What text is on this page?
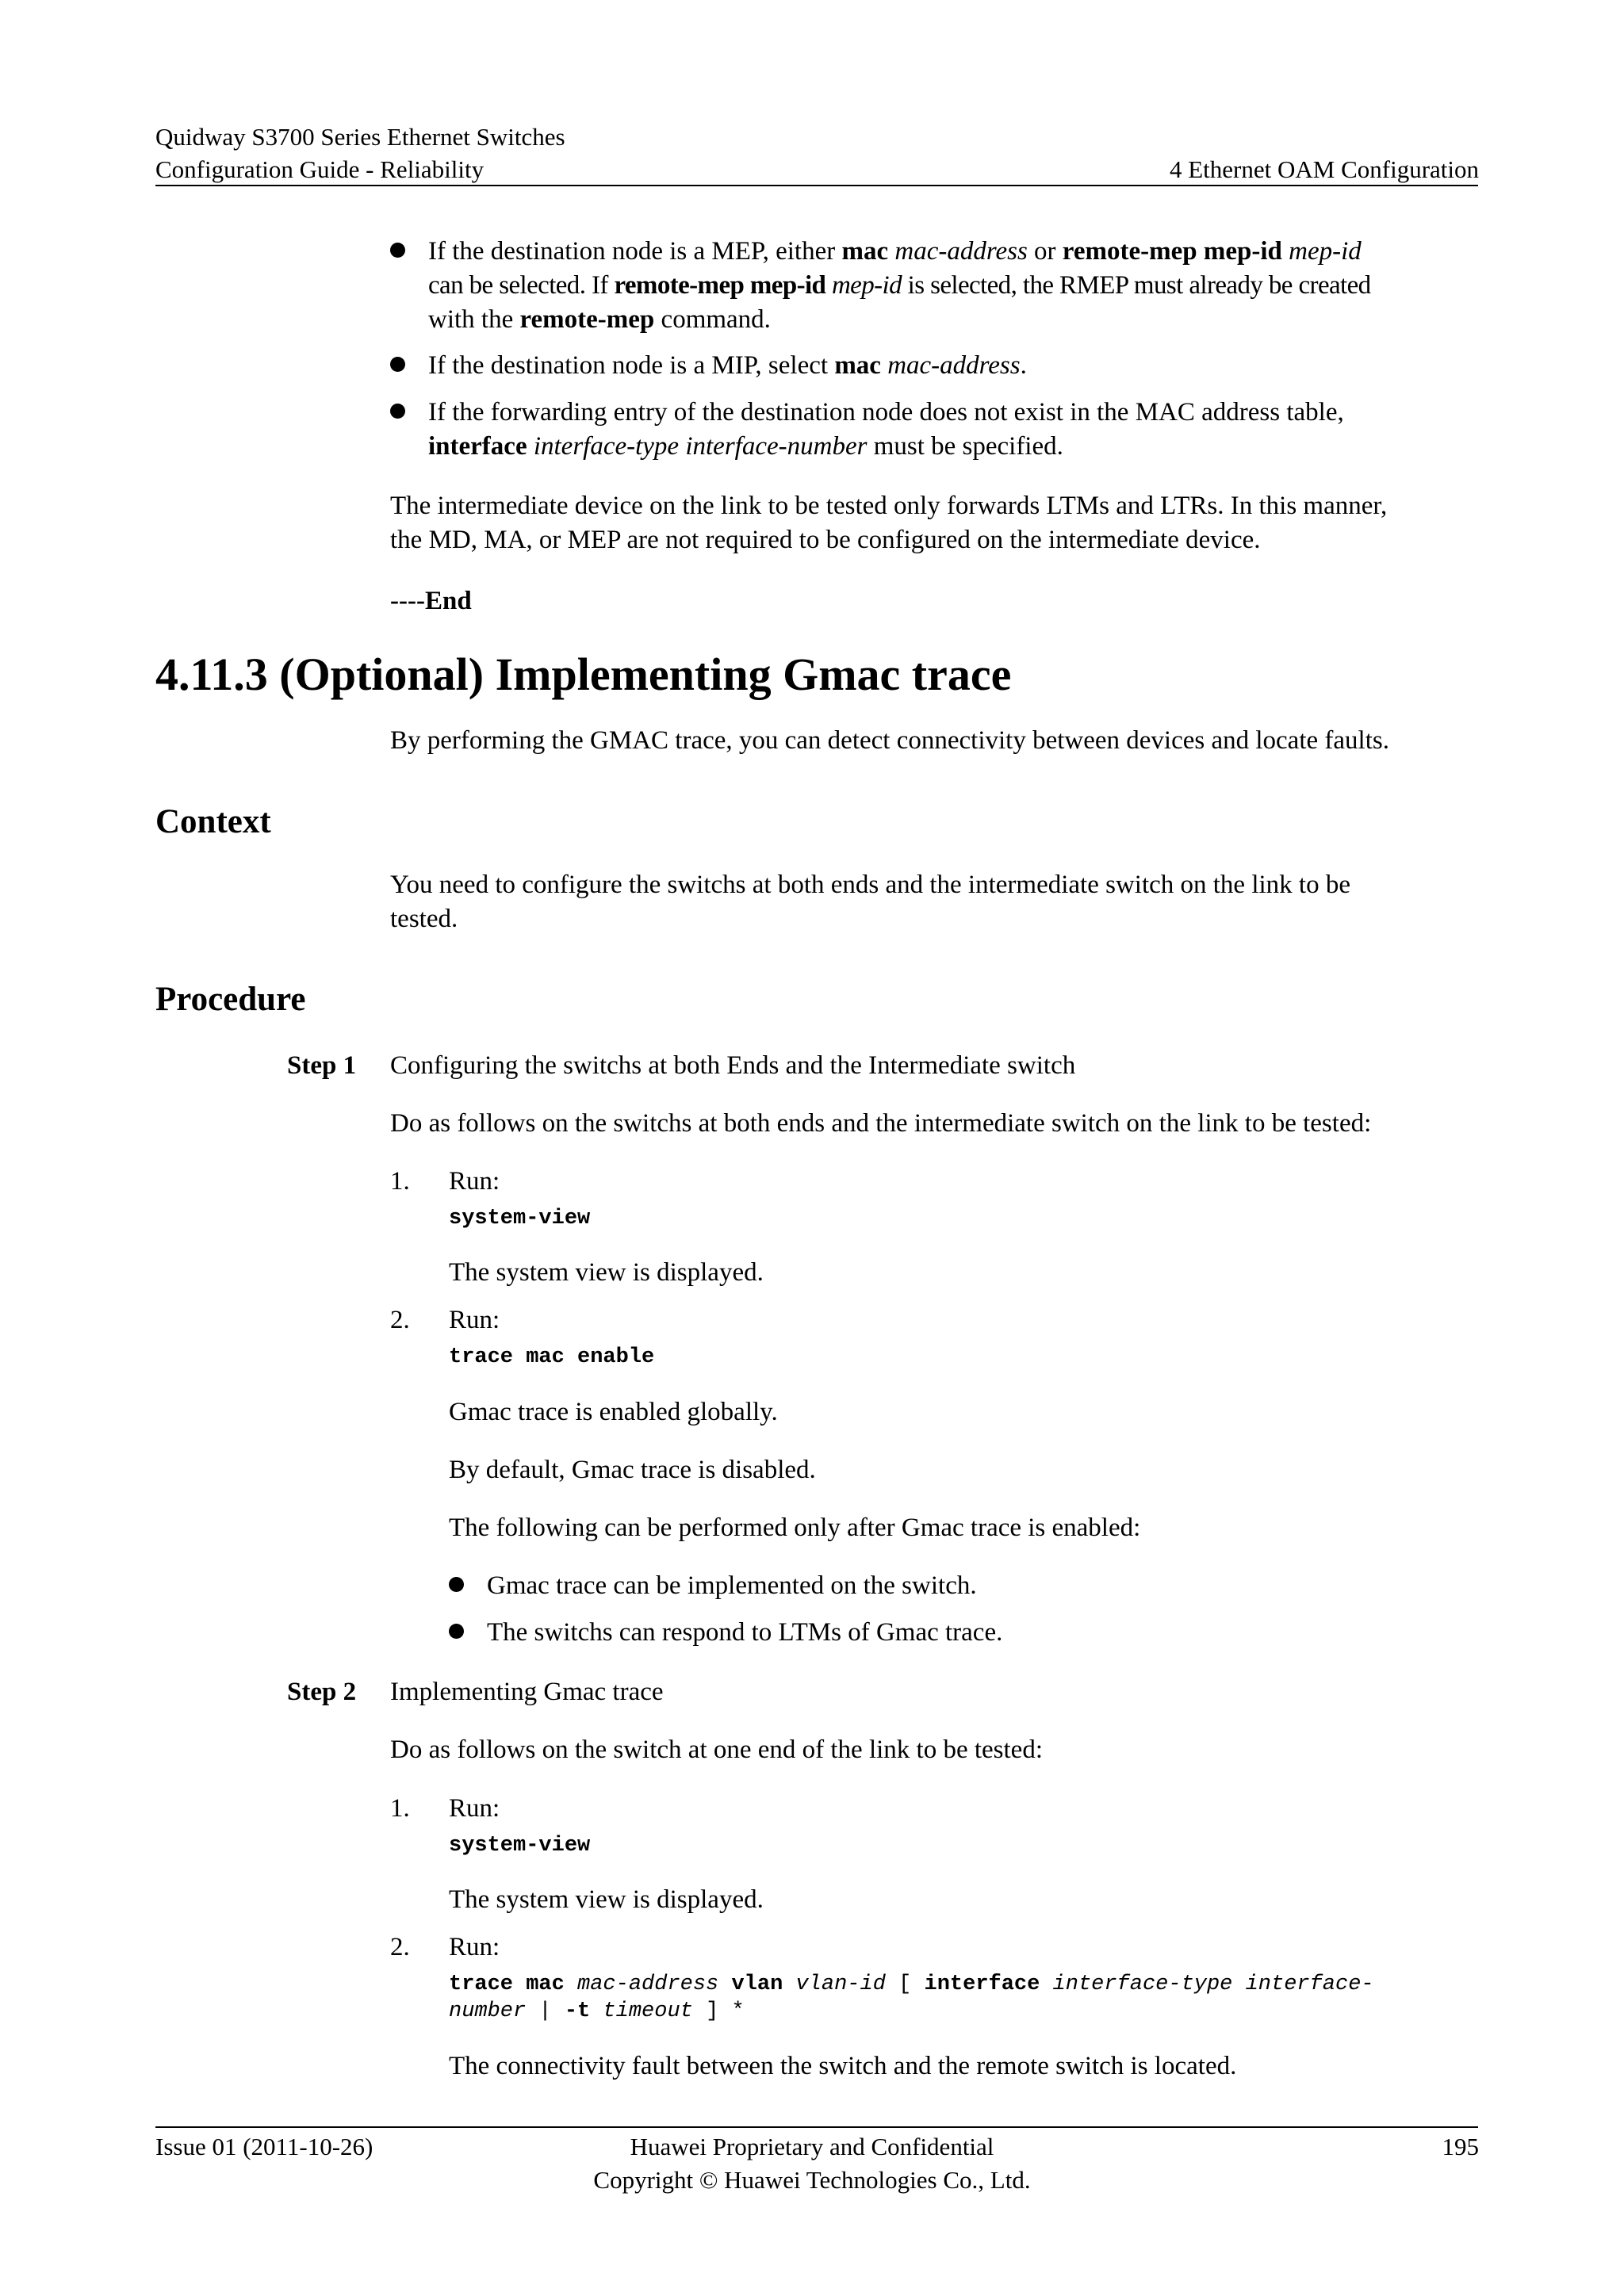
Quidway S3700 Series Ethernet Switches
Configuration Guide - Reliability	4 Ethernet OAM Configuration
If the destination node is a MEP, either mac mac-address or remote-mep mep-id mep-id
can be selected. If remote-mep mep-id mep-id is selected, the RMEP must already be created
with the remote-mep command.
If the destination node is a MIP, select mac mac-address.
If the forwarding entry of the destination node does not exist in the MAC address table,
interface interface-type interface-number must be specified.
The intermediate device on the link to be tested only forwards LTMs and LTRs. In this manner,
the MD, MA, or MEP are not required to be configured on the intermediate device.
----End
4.11.3 (Optional) Implementing Gmac trace
By performing the GMAC trace, you can detect connectivity between devices and locate faults.
Context
You need to configure the switchs at both ends and the intermediate switch on the link to be
tested.
Procedure
Step 1 Configuring the switchs at both Ends and the Intermediate switch
Do as follows on the switchs at both ends and the intermediate switch on the link to be tested:
1. Run:
system-view
The system view is displayed.
2. Run:
trace mac enable
Gmac trace is enabled globally.
By default, Gmac trace is disabled.
The following can be performed only after Gmac trace is enabled:
Gmac trace can be implemented on the switch.
The switchs can respond to LTMs of Gmac trace.
Step 2 Implementing Gmac trace
Do as follows on the switch at one end of the link to be tested:
1. Run:
system-view
The system view is displayed.
2. Run:
trace mac mac-address vlan vlan-id [ interface interface-type interface-
number | -t timeout ] *
The connectivity fault between the switch and the remote switch is located.
Issue 01 (2011-10-26)	Huawei Proprietary and Confidential
Copyright © Huawei Technologies Co., Ltd.
195
